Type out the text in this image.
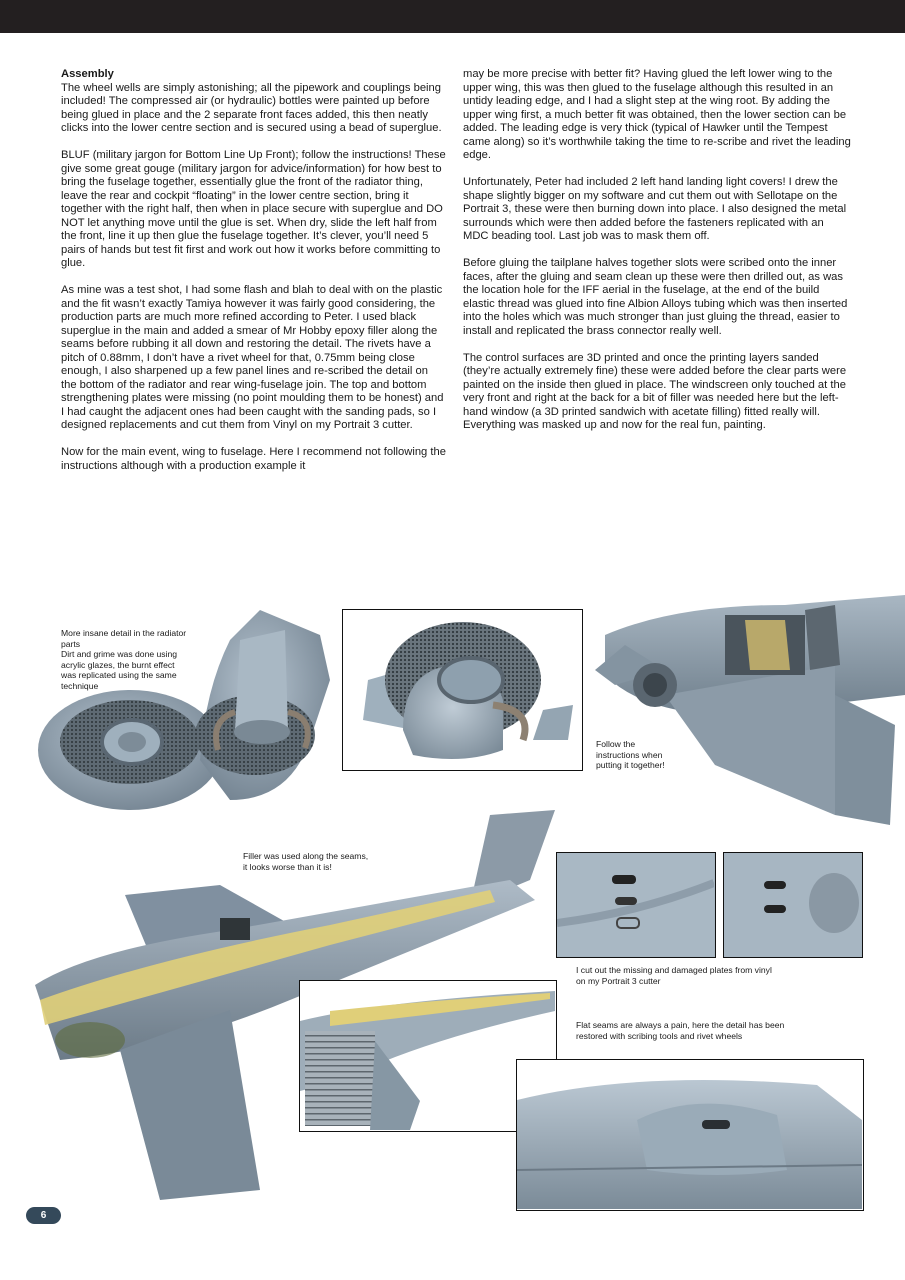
Assembly

The wheel wells are simply astonishing; all the pipework and couplings being included! The compressed air (or hydraulic) bottles were painted up before being glued in place and the 2 separate front faces added, this then neatly clicks into the lower centre section and is secured using a bead of superglue.

BLUF (military jargon for Bottom Line Up Front); follow the instructions! These give some great gouge (military jargon for advice/information) for how best to bring the fuselage together, essentially glue the front of the radiator thing, leave the rear and cockpit “floating” in the lower centre section, bring it together with the right half, then when in place secure with superglue and DO NOT let anything move until the glue is set. When dry, slide the left half from the front, line it up then glue the fuselage together. It’s clever, you’ll need 5 pairs of hands but test fit first and work out how it works before committing to glue.

As mine was a test shot, I had some flash and blah to deal with on the plastic and the fit wasn’t exactly Tamiya however it was fairly good considering, the production parts are much more refined according to Peter. I used black superglue in the main and added a smear of Mr Hobby epoxy filler along the seams before rubbing it all down and restoring the detail. The rivets have a pitch of 0.88mm, I don’t have a rivet wheel for that, 0.75mm being close enough, I also sharpened up a few panel lines and re-scribed the detail on the bottom of the radiator and rear wing-fuselage join. The top and bottom strengthening plates were missing (no point moulding them to be honest) and I had caught the adjacent ones had been caught with the sanding pads, so I designed replacements and cut them from Vinyl on my Portrait 3 cutter.

Now for the main event, wing to fuselage. Here I recommend not following the instructions although with a production example it

may be more precise with better fit? Having glued the left lower wing to the upper wing, this was then glued to the fuselage although this resulted in an untidy leading edge, and I had a slight step at the wing root. By adding the upper wing first, a much better fit was obtained, then the lower section can be added. The leading edge is very thick (typical of Hawker until the Tempest came along) so it’s worthwhile taking the time to re-scribe and rivet the leading edge.

Unfortunately, Peter had included 2 left hand landing light covers! I drew the shape slightly bigger on my software and cut them out with Sellotape on the Portrait 3, these were then burning down into place. I also designed the metal surrounds which were then added before the fasteners replicated with an MDC beading tool. Last job was to mask them off.

Before gluing the tailplane halves together slots were scribed onto the inner faces, after the gluing and seam clean up these were then drilled out, as was the location hole for the IFF aerial in the fuselage, at the end of the build elastic thread was glued into fine Albion Alloys tubing which was then inserted into the holes which was much stronger than just gluing the thread, easier to install and replicated the brass connector really well.

The control surfaces are 3D printed and once the printing layers sanded (they’re actually extremely fine) these were added before the clear parts were painted on the inside then glued in place. The windscreen only touched at the very front and right at the back for a bit of filler was needed here but the left-hand window (a 3D printed sandwich with acetate filling) fitted really will. Everything was masked up and now for the real fun, painting.

More insane detail in the radiator parts
Dirt and grime was done using acrylic glazes, the burnt effect was replicated using the same technique
Follow the instructions when putting it together!
Filler was used along the seams,
it looks worse than it is!
I cut out the missing and damaged plates from vinyl
on my Portrait 3 cutter
Flat seams are always a pain, here the detail has been
restored with scribing tools and rivet wheels
6
